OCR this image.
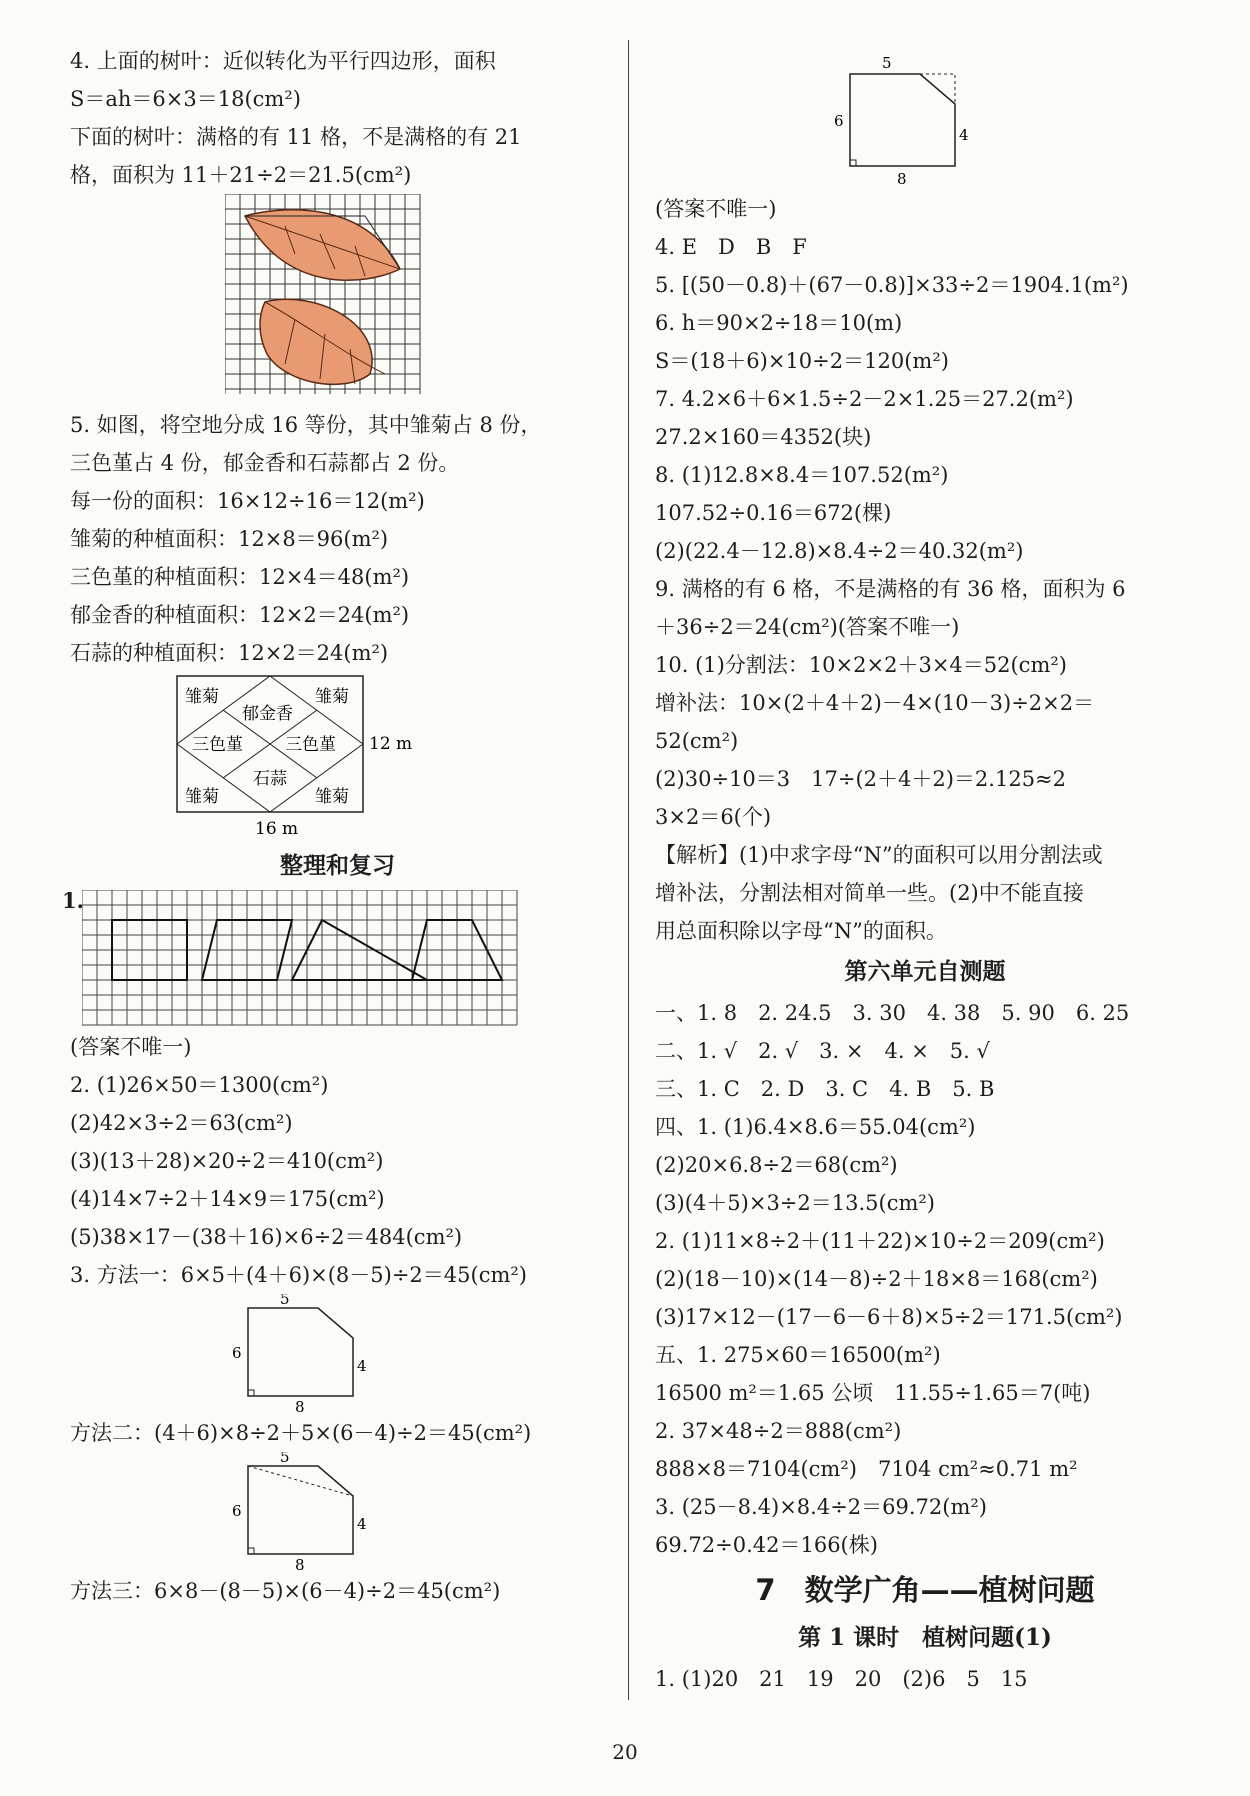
4. 上面的树叶：近似转化为平行四边形，面积
S＝ah＝6×3＝18(cm²)
下面的树叶：满格的有 11 格，不是满格的有 21
格，面积为 11＋21÷2＝21.5(cm²)
5. 如图，将空地分成 16 等份，其中雏菊占 8 份，
三色堇占 4 份，郁金香和石蒜都占 2 份。
每一份的面积：16×12÷16＝12(m²)
雏菊的种植面积：12×8＝96(m²)
三色堇的种植面积：12×4＝48(m²)
郁金香的种植面积：12×2＝24(m²)
石蒜的种植面积：12×2＝24(m²)
雏菊	雏菊
郁金香
三色堇 三色堇
石蒜
雏菊	雏菊
12 m
16 m
整理和复习
1.
(答案不唯一)
2. (1)26×50＝1300(cm²)
(2)42×3÷2＝63(cm²)
(3)(13＋28)×20÷2＝410(cm²)
(4)14×7÷2＋14×9＝175(cm²)
(5)38×17－(38＋16)×6÷2＝484(cm²)
3. 方法一：6×5＋(4＋6)×(8－5)÷2＝45(cm²)
5
6
4
8
方法二：(4＋6)×8÷2＋5×(6－4)÷2＝45(cm²)
5
6
4
8
方法三：6×8－(8－5)×(6－4)÷2＝45(cm²)
5
6
4
8
(答案不唯一)
4. E　D　B　F
5. [(50－0.8)＋(67－0.8)]×33÷2＝1904.1(m²)
6. h＝90×2÷18＝10(m)
S＝(18＋6)×10÷2＝120(m²)
7. 4.2×6＋6×1.5÷2－2×1.25＝27.2(m²)
27.2×160＝4352(块)
8. (1)12.8×8.4＝107.52(m²)
107.52÷0.16＝672(棵)
(2)(22.4－12.8)×8.4÷2＝40.32(m²)
9. 满格的有 6 格，不是满格的有 36 格，面积为 6
＋36÷2＝24(cm²)(答案不唯一)
10. (1)分割法：10×2×2＋3×4＝52(cm²)
增补法：10×(2＋4＋2)－4×(10－3)÷2×2＝
52(cm²)
(2)30÷10＝3　17÷(2＋4＋2)＝2.125≈2
3×2＝6(个)
【解析】(1)中求字母“N”的面积可以用分割法或
增补法，分割法相对简单一些。(2)中不能直接
用总面积除以字母“N”的面积。
第六单元自测题
一、1. 8　2. 24.5　3. 30　4. 38　5. 90　6. 25
二、1. √　2. √　3. ×　4. ×　5. √
三、1. C　2. D　3. C　4. B　5. B
四、1. (1)6.4×8.6＝55.04(cm²)
(2)20×6.8÷2＝68(cm²)
(3)(4＋5)×3÷2＝13.5(cm²)
2. (1)11×8÷2＋(11＋22)×10÷2＝209(cm²)
(2)(18－10)×(14－8)÷2＋18×8＝168(cm²)
(3)17×12－(17－6－6＋8)×5÷2＝171.5(cm²)
五、1. 275×60＝16500(m²)
16500 m²＝1.65 公顷　11.55÷1.65＝7(吨)
2. 37×48÷2＝888(cm²)
888×8＝7104(cm²)　7104 cm²≈0.71 m²
3. (25－8.4)×8.4÷2＝69.72(m²)
69.72÷0.42＝166(株)
7　数学广角——植树问题
第 1 课时　植树问题(1)
1. (1)20　21　19　20　(2)6　5　15
20
